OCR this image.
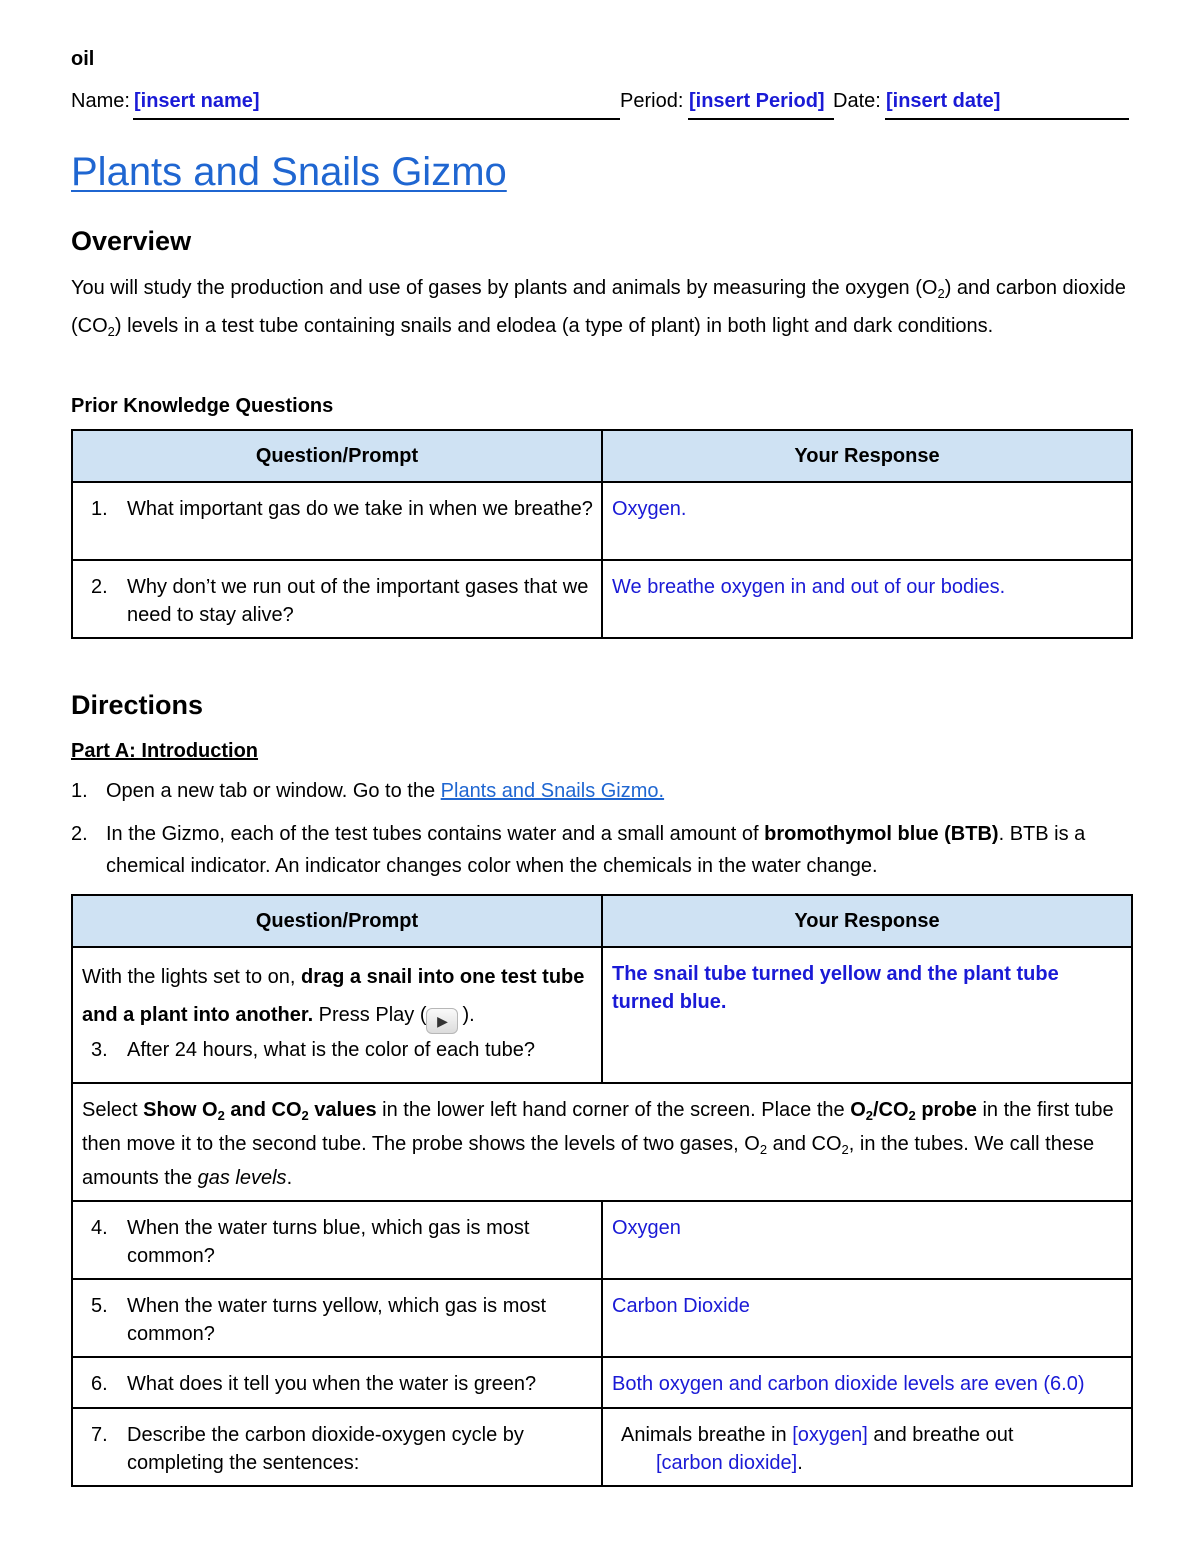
oil
Name: [insert name]	Period: [insert Period] Date: [insert date]
Plants and Snails Gizmo
Overview
You will study the production and use of gases by plants and animals by measuring the oxygen $(O_2)$ and carbon dioxide $(CO_2)$ levels in a test tube containing snails and elodea (a type of plant) in both light and dark conditions.
Prior Knowledge Questions
Question/Prompt	Your Response

1. What important gas do we take in when we breathe?	Oxygen.

2. Why don’t we run out of the important gases that we need to stay alive?	We breathe oxygen in and out of our bodies.
Directions
Part A: Introduction
1. Open a new tab or window. Go to the Plants and Snails Gizmo.
2. In the Gizmo, each of the test tubes contains water and a small amount of bromothymol blue (BTB). BTB is a chemical indicator. An indicator changes color when the chemicals in the water change.
Question/Prompt	Your Response

With the lights set to on, drag a snail into one test tube and a plant into another. Press Play ( ▶ ).
3. After 24 hours, what is the color of each tube?	The snail tube turned yellow and the plant tube turned blue.

Select Show $O_2$ and $CO_2$ values in the lower left hand corner of the screen. Place the $O_2/CO_2$ probe in the first tube then move it to the second tube. The probe shows the levels of two gases, $O_2$ and $CO_2$, in the tubes. We call these amounts the gas levels.	

4. When the water turns blue, which gas is most common?	Oxygen

5. When the water turns yellow, which gas is most common?	Carbon Dioxide

6. What does it tell you when the water is green?	Both oxygen and carbon dioxide levels are even (6.0)

7. Describe the carbon dioxide-oxygen cycle by completing the sentences:	Animals breathe in [oxygen] and breathe out
[carbon dioxide].
